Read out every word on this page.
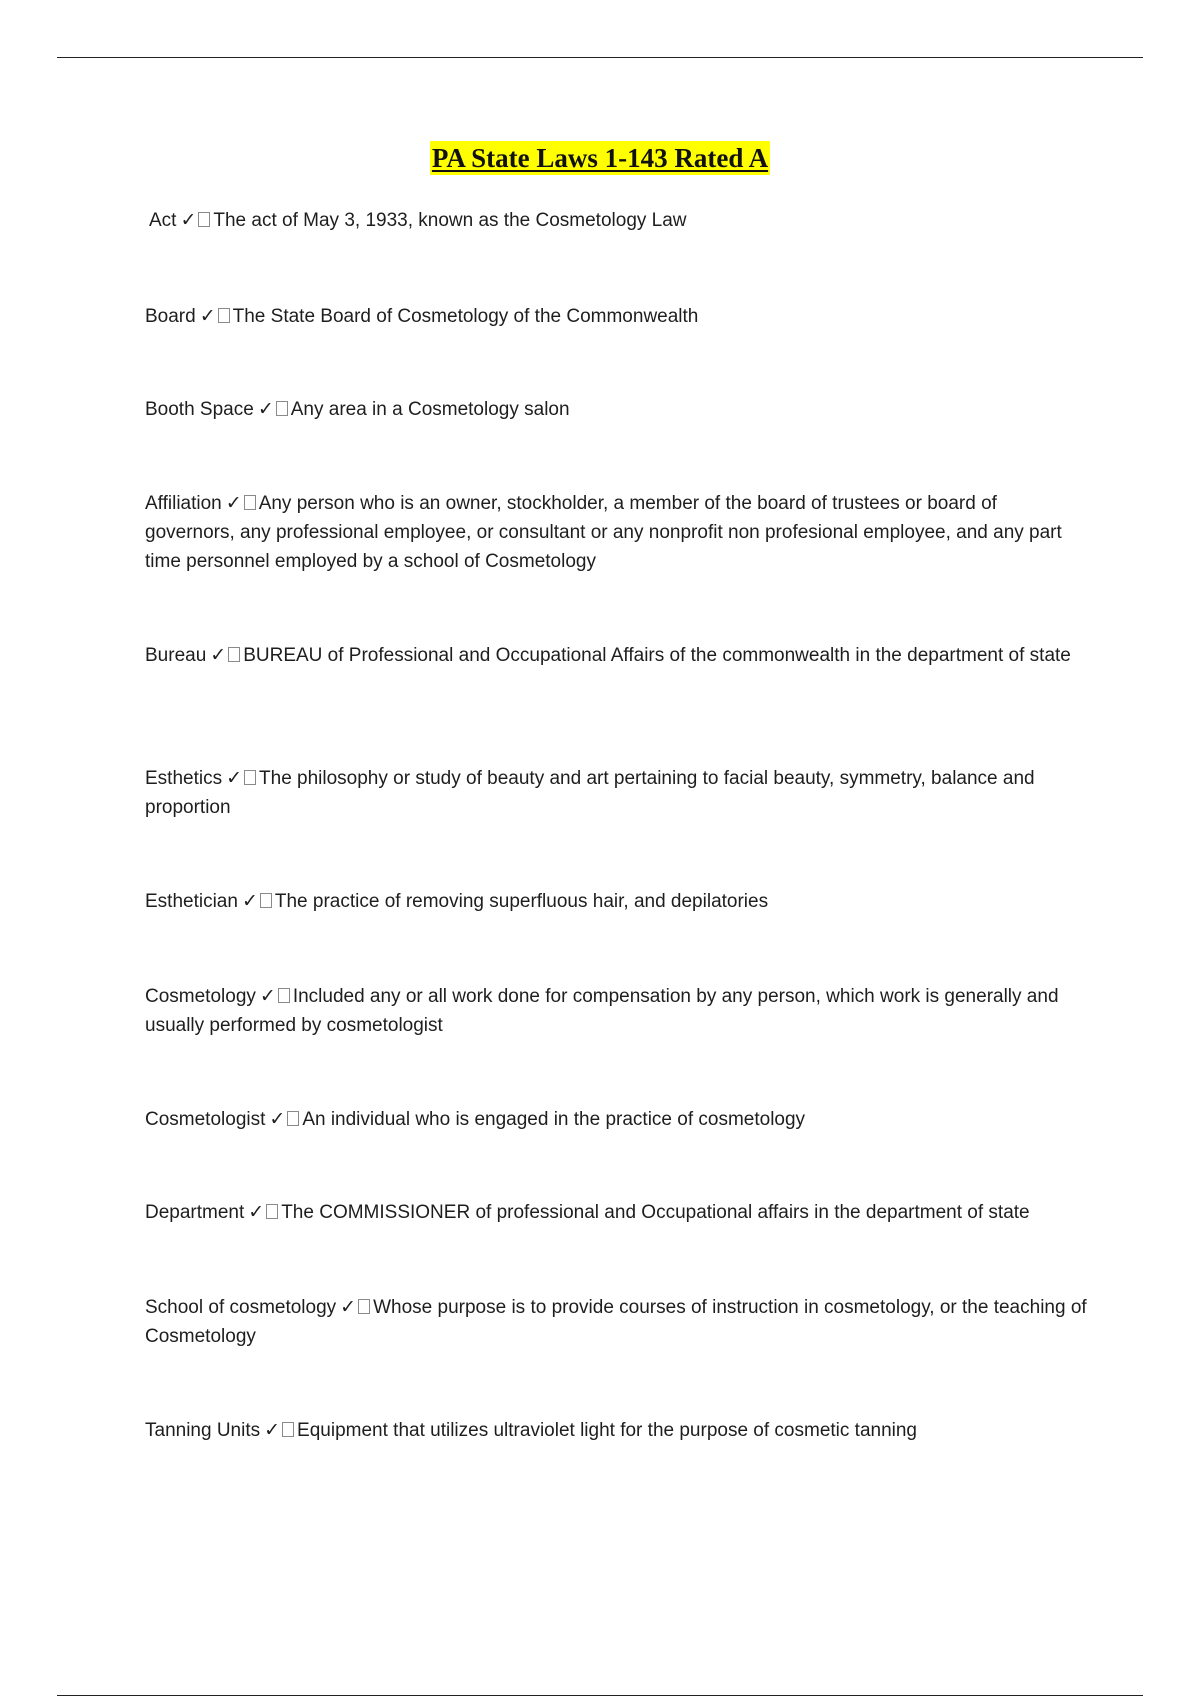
PA State Laws 1-143 Rated A
Act ✓ The act of May 3, 1933, known as the Cosmetology Law
Board ✓ The State Board of Cosmetology of the Commonwealth
Booth Space ✓ Any area in a Cosmetology salon
Affiliation ✓ Any person who is an owner, stockholder, a member of the board of trustees or board of governors, any professional employee, or consultant or any nonprofit non profesional employee, and any part time personnel employed by a school of Cosmetology
Bureau ✓ BUREAU of Professional and Occupational Affairs of the commonwealth in the department of state
Esthetics ✓ The philosophy or study of beauty and art pertaining to facial beauty, symmetry, balance and proportion
Esthetician ✓ The practice of removing superfluous hair, and depilatories
Cosmetology ✓ Included any or all work done for compensation by any person, which work is generally and usually performed by cosmetologist
Cosmetologist ✓ An individual who is engaged in the practice of cosmetology
Department ✓ The COMMISSIONER of professional and Occupational affairs in the department of state
School of cosmetology ✓ Whose purpose is to provide courses of instruction in cosmetology, or the teaching of Cosmetology
Tanning Units ✓ Equipment that utilizes ultraviolet light for the purpose of cosmetic tanning
